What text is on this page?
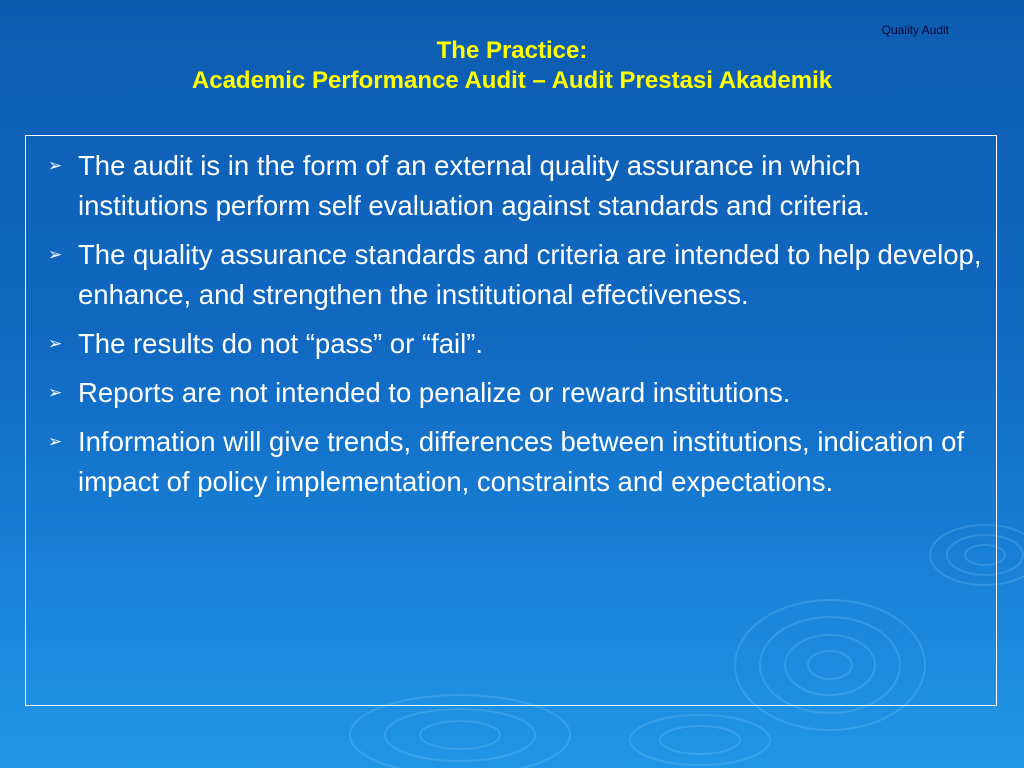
Quality Audit
The Practice:
Academic Performance Audit – Audit Prestasi Akademik
➢ The audit is in the form of an external quality assurance in which institutions perform self evaluation against standards and criteria.
➢ The quality assurance standards and criteria are intended to help develop, enhance, and strengthen the institutional effectiveness.
➢ The results do not “pass” or “fail”.
➢ Reports are not intended to penalize or reward institutions.
➢ Information will give trends, differences between institutions, indication of impact of policy implementation, constraints and expectations.
